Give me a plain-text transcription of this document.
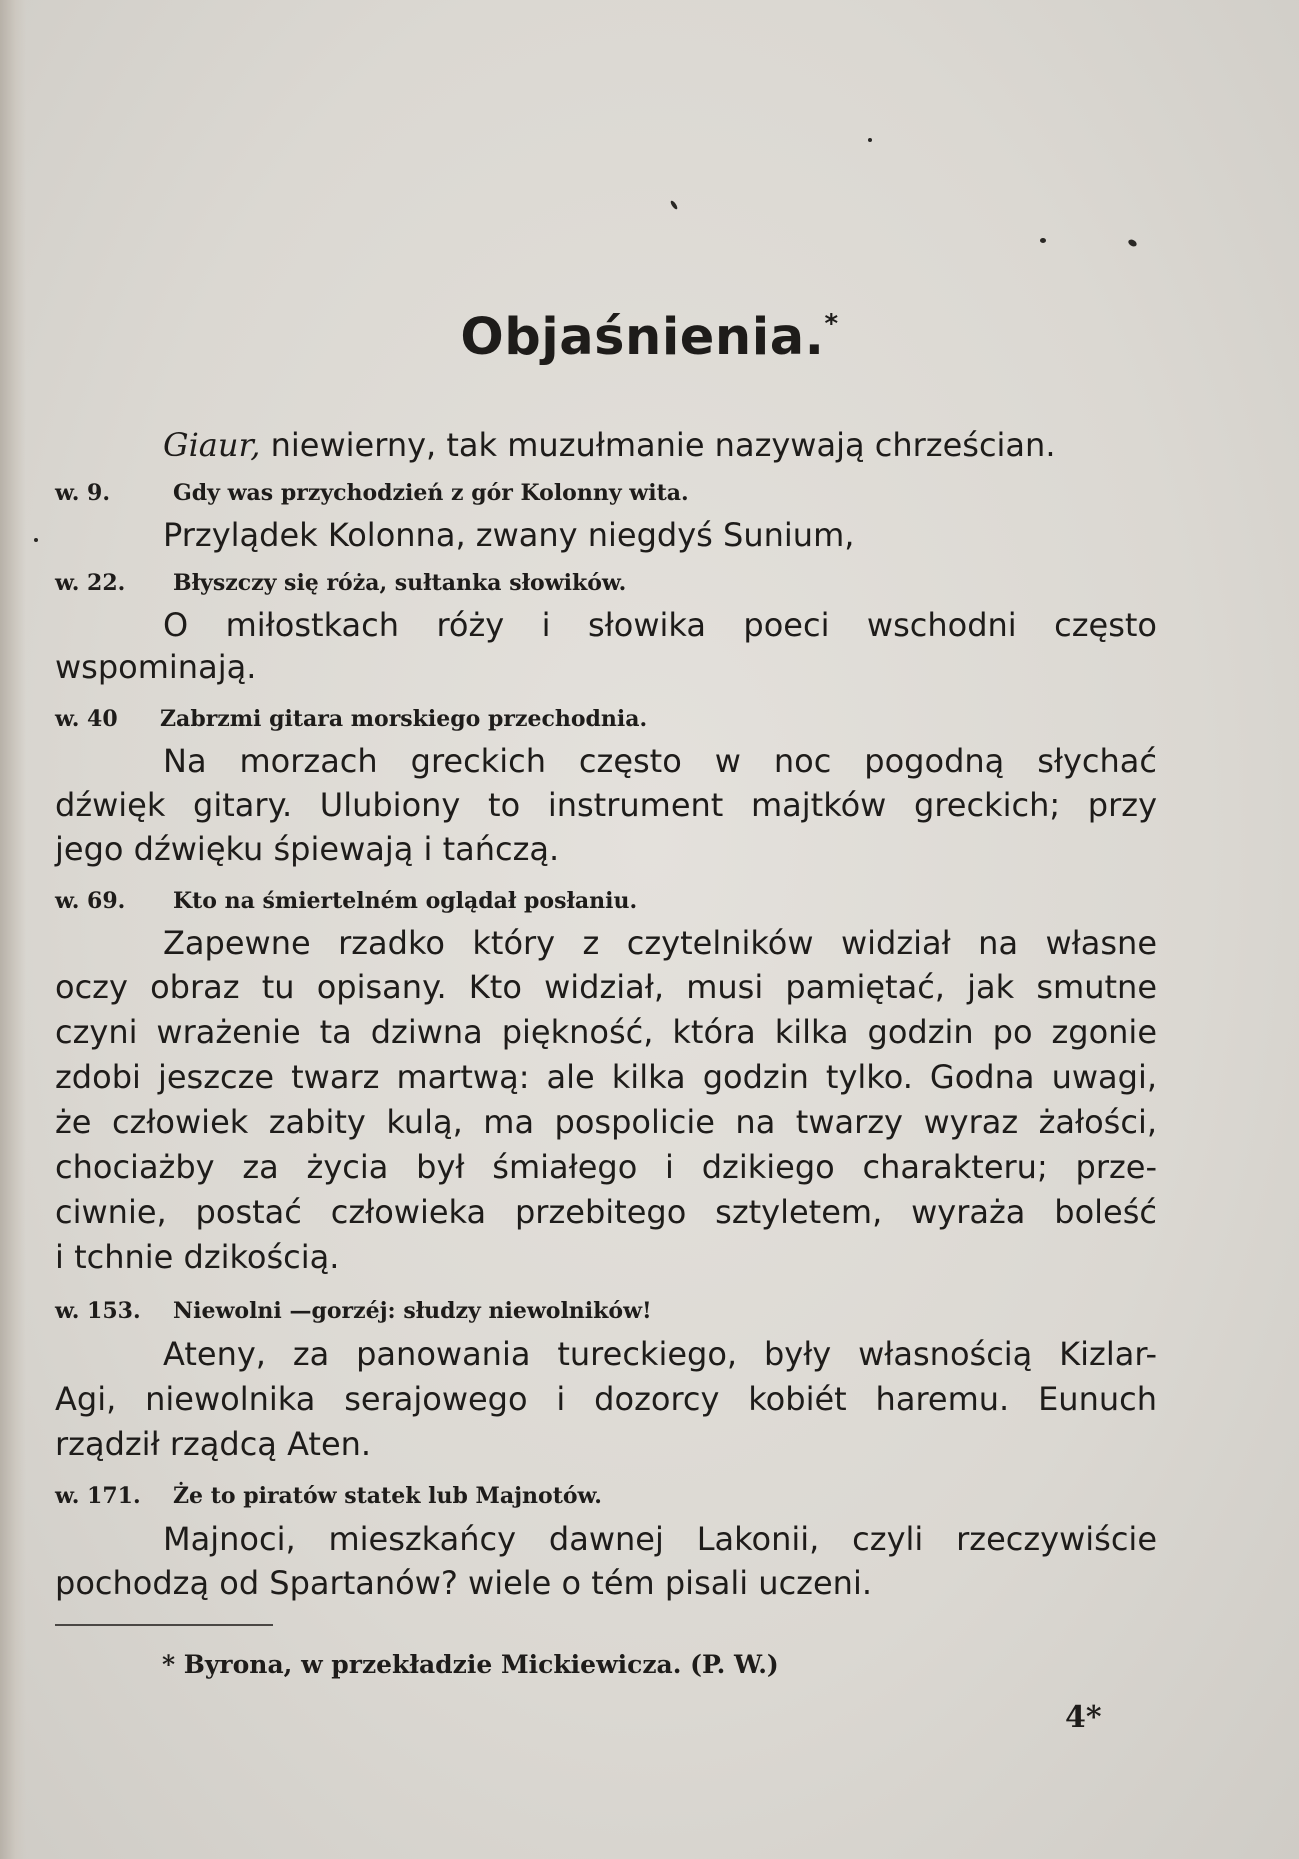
Objaśnienia.*
Giaur, niewierny, tak muzułmanie nazywają chrześcian.
w. 9.	Gdy was przychodzień z gór Kolonny wita.
Przylądek Kolonna, zwany niegdyś Sunium,
w. 22. Błyszczy się róża, sułtanka słowików.
O miłostkach róży i słowika poeci wschodni często
wspominają.
w. 40 Zabrzmi gitara morskiego przechodnia.
Na morzach greckich często w noc pogodną słychać
dźwięk gitary. Ulubiony to instrument majtków greckich; przy
jego dźwięku śpiewają i tańczą.
w. 69. Kto na śmiertelném oglądał posłaniu.
Zapewne rzadko który z czytelników widział na własne
oczy obraz tu opisany. Kto widział, musi pamiętać, jak smutne
czyni wrażenie ta dziwna piękność, która kilka godzin po zgonie
zdobi jeszcze twarz martwą: ale kilka godzin tylko. Godna uwagi,
że człowiek zabity kulą, ma pospolicie na twarzy wyraz żałości,
chociażby za życia był śmiałego i dzikiego charakteru; prze-
ciwnie, postać człowieka przebitego sztyletem, wyraża boleść
i tchnie dzikością.
w. 153. Niewolni —gorzéj: słudzy niewolników!
Ateny, za panowania tureckiego, były własnością Kizlar-
Agi, niewolnika serajowego i dozorcy kobiét haremu. Eunuch
rządził rządcą Aten.
w. 171. Że to piratów statek lub Majnotów.
Majnoci, mieszkańcy dawnej Lakonii, czyli rzeczywiście
pochodzą od Spartanów? wiele o tém pisali uczeni.
* Byrona, w przekładzie Mickiewicza. (P. W.)
4*
